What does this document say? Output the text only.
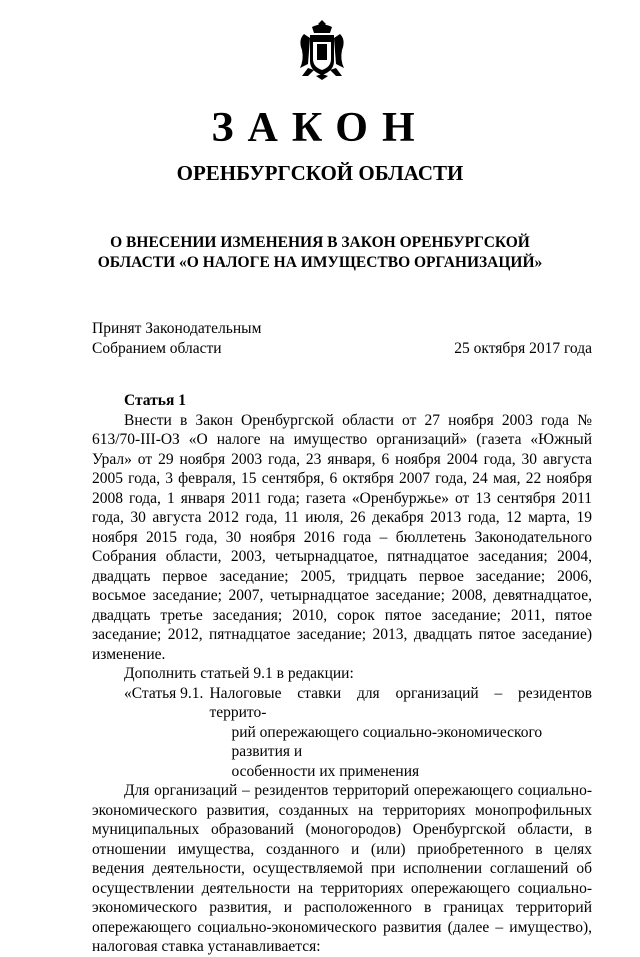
ЗАКОН
ОРЕНБУРГСКОЙ ОБЛАСТИ
О ВНЕСЕНИИ ИЗМЕНЕНИЯ В ЗАКОН ОРЕНБУРГСКОЙ ОБЛАСТИ «О НАЛОГЕ НА ИМУЩЕСТВО ОРГАНИЗАЦИЙ»
Принят Законодательным
Собранием области	25 октября 2017 года
Статья 1

Внести в Закон Оренбургской области от 27 ноября 2003 года № 613/70-III-ОЗ «О налоге на имущество организаций» (газета «Южный Урал» от 29 ноября 2003 года, 23 января, 6 ноября 2004 года, 30 августа 2005 года, 3 февраля, 15 сентября, 6 октября 2007 года, 24 мая, 22 ноября 2008 года, 1 января 2011 года; газета «Оренбуржье» от 13 сентября 2011 года, 30 августа 2012 года, 11 июля, 26 декабря 2013 года, 12 марта, 19 ноября 2015 года, 30 ноября 2016 года – бюллетень Законодательного Собрания области, 2003, четырнадцатое, пятнадцатое заседания; 2004, двадцать первое заседание; 2005, тридцать первое заседание; 2006, восьмое заседание; 2007, четырнадцатое заседание; 2008, девятнадцатое, двадцать третье заседания; 2010, сорок пятое заседание; 2011, пятое заседание; 2012, пятнадцатое заседание; 2013, двадцать пятое заседание) изменение.

Дополнить статьей 9.1 в редакции:

«Статья 9.1. Налоговые ставки для организаций – резидентов террито-
рий опережающего социально-экономического развития и
особенности их применения

Для организаций – резидентов территорий опережающего социально-экономического развития, созданных на территориях монопрофильных муниципальных образований (моногородов) Оренбургской области, в отношении имущества, созданного и (или) приобретенного в целях ведения деятельности, осуществляемой при исполнении соглашений об осуществлении деятельности на территориях опережающего социально-экономического развития, и расположенного в границах территорий опережающего социально-экономического развития (далее – имущество), налоговая ставка устанавливается:
